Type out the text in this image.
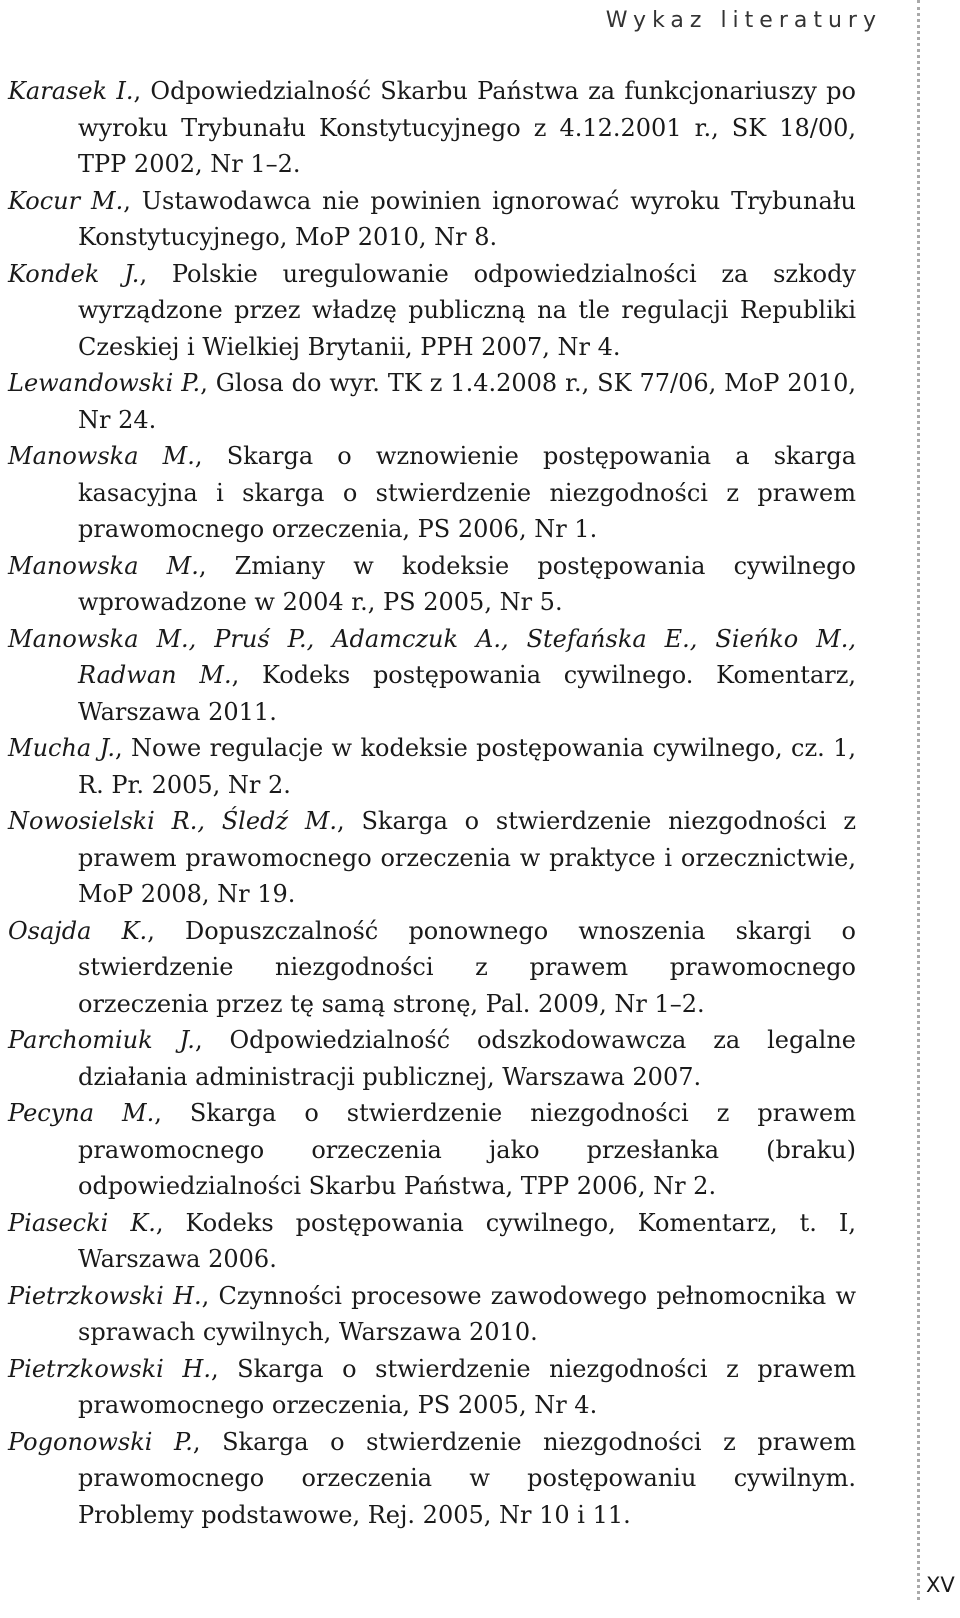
Wykaz literatury

Karasek I., Odpowiedzialność Skarbu Państwa za funkcjonariuszy po wyroku Trybunału Konstytucyjnego z 4.12.2001 r., SK 18/00, TPP 2002, Nr 1–2.

Kocur M., Ustawodawca nie powinien ignorować wyroku Trybunału Konstytucyjnego, MoP 2010, Nr 8.

Kondek J., Polskie uregulowanie odpowiedzialności za szkody wyrządzone przez władzę publiczną na tle regulacji Republiki Czeskiej i Wielkiej Brytanii, PPH 2007, Nr 4.

Lewandowski P., Glosa do wyr. TK z 1.4.2008 r., SK 77/06, MoP 2010, Nr 24.

Manowska M., Skarga o wznowienie postępowania a skarga kasacyjna i skarga o stwierdzenie niezgodności z prawem prawomocnego orzeczenia, PS 2006, Nr 1.

Manowska M., Zmiany w kodeksie postępowania cywilnego wprowadzone w 2004 r., PS 2005, Nr 5.

Manowska M., Pruś P., Adamczuk A., Stefańska E., Sieńko M., Radwan M., Kodeks postępowania cywilnego. Komentarz, Warszawa 2011.

Mucha J., Nowe regulacje w kodeksie postępowania cywilnego, cz. 1, R. Pr. 2005, Nr 2.

Nowosielski R., Śledź M., Skarga o stwierdzenie niezgodności z prawem prawomocnego orzeczenia w praktyce i orzecznictwie, MoP 2008, Nr 19.

Osajda K., Dopuszczalność ponownego wnoszenia skargi o stwierdzenie niezgodności z prawem prawomocnego orzeczenia przez tę samą stronę, Pal. 2009, Nr 1–2.

Parchomiuk J., Odpowiedzialność odszkodowawcza za legalne działania administracji publicznej, Warszawa 2007.

Pecyna M., Skarga o stwierdzenie niezgodności z prawem prawomocnego orzeczenia jako przesłanka (braku) odpowiedzialności Skarbu Państwa, TPP 2006, Nr 2.

Piasecki K., Kodeks postępowania cywilnego, Komentarz, t. I, Warszawa 2006.

Pietrzkowski H., Czynności procesowe zawodowego pełnomocnika w sprawach cywilnych, Warszawa 2010.

Pietrzkowski H., Skarga o stwierdzenie niezgodności z prawem prawomocnego orzeczenia, PS 2005, Nr 4.

Pogonowski P., Skarga o stwierdzenie niezgodności z prawem prawomocnego orzeczenia w postępowaniu cywilnym. Problemy podstawowe, Rej. 2005, Nr 10 i 11.

XV
